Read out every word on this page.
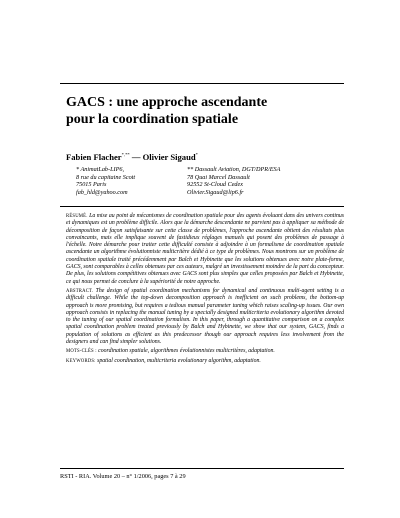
GACS : une approche ascendante
pour la coordination spatiale
Fabien Flacher*,** — Olivier Sigaud*
* AnimatLab-LIP6,
8 rue du capitaine Scott
75015 Paris
fab_hld@yahoo.com
** Dassault Aviation, DGT/DPR/ESA
78 Quai Marcel Dassault
92552 St-Cloud Cedex
Olivier.Sigaud@lip6.fr

RÉSUMÉ. La mise au point de mécanismes de coordination spatiale pour des agents évoluant dans des univers continus et dynamiques est un problème difficile. Alors que la démarche descendante ne parvient pas à appliquer sa méthode de décomposition de façon satisfaisante sur cette classe de problèmes, l'approche ascendante obtient des résultats plus convaincants, mais elle implique souvent de fastidieux réglages manuels qui posent des problèmes de passage à l'échelle. Notre démarche pour traiter cette difficulté consiste à adjoindre à un formalisme de coordination spatiale ascendante un algorithme évolutionniste multicritère dédié à ce type de problèmes. Nous montrons sur un problème de coordination spatiale traité précédemment par Balch et Hybinette que les solutions obtenues avec notre plate-forme, GACS, sont comparables à celles obtenues par ces auteurs, malgré un investissement moindre de la part du concepteur. De plus, les solutions compétitives obtenues avec GACS sont plus simples que celles proposées par Balch et Hybinette, ce qui nous permet de conclure à la supériorité de notre approche.

ABSTRACT. The design of spatial coordination mechanisms for dynamical and continuous multi-agent setting is a difficult challenge. While the top-down decomposition approach is inefficient on such problems, the bottom-up approach is more promising, but requires a tedious manual parameter tuning which raises scaling-up issues. Our own approach consists in replacing the manual tuning by a specially designed multicriteria evolutionary algorithm devoted to the tuning of our spatial coordination formalism. In this paper, through a quantitative comparison on a complex spatial coordination problem treated previously by Balch and Hybinette, we show that our system, GACS, finds a population of solutions as efficient as this predecessor though our approach requires less involvement from the designers and can find simpler solutions.

MOTS-CLÉS : coordination spatiale, algorithmes évolutionnistes multicritères, adaptation.

KEYWORDS: spatial coordination, multicriteria evolutionary algorithm, adaptation.

RSTI - RIA. Volume 20 – n° 1/2006, pages 7 à 29
